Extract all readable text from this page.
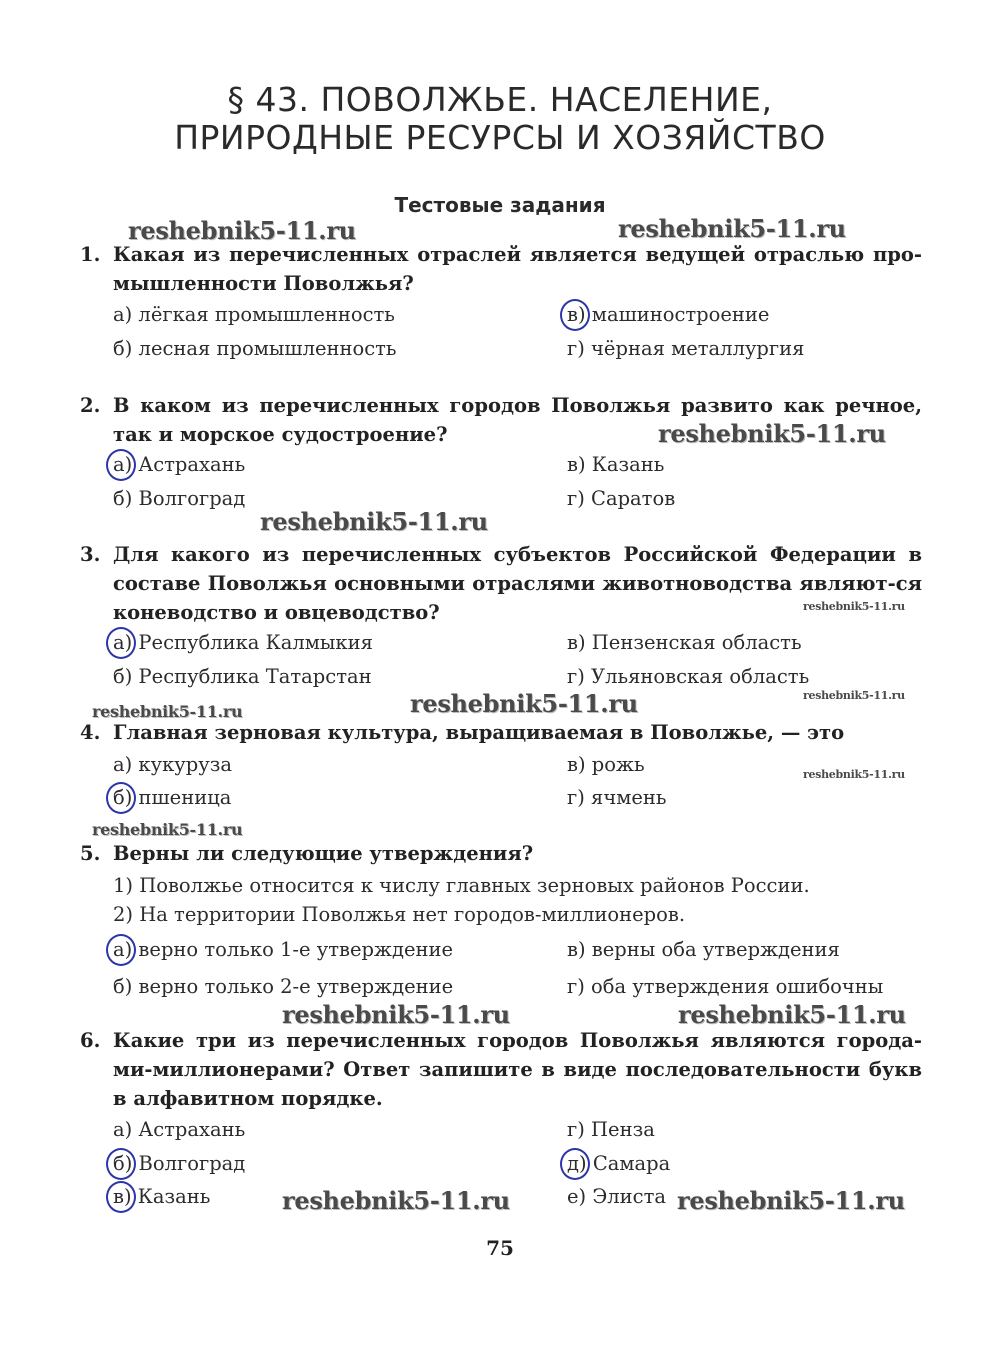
§ 43. ПОВОЛЖЬЕ. НАСЕЛЕНИЕ,
ПРИРОДНЫЕ РЕСУРСЫ И ХОЗЯЙСТВО
Тестовые задания
1. Какая из перечисленных отраслей является ведущей отраслью про-мышленности Поволжья?
а) лёгкая промышленность	в) машиностроение
б) лесная промышленность	г) чёрная металлургия
2. В каком из перечисленных городов Поволжья развито как речное, так и морское судостроение?
а) Астрахань	в) Казань
б) Волгоград	г) Саратов
3. Для какого из перечисленных субъектов Российской Федерации в составе Поволжья основными отраслями животноводства являют-ся коневодство и овцеводство?
а) Республика Калмыкия	в) Пензенская область
б) Республика Татарстан	г) Ульяновская область
4. Главная зерновая культура, выращиваемая в Поволжье, — это
а) кукуруза	в) рожь
б) пшеница	г) ячмень
5. Верны ли следующие утверждения?
1) Поволжье относится к числу главных зерновых районов России.
2) На территории Поволжья нет городов-миллионеров.
а) верно только 1-е утверждение	в) верны оба утверждения
б) верно только 2-е утверждение	г) оба утверждения ошибочны
6. Какие три из перечисленных городов Поволжья являются города-ми-миллионерами? Ответ запишите в виде последовательности букв в алфавитном порядке.
а) Астрахань	г) Пенза
б) Волгоград	д) Самара
в) Казань	е) Элиста
reshebnik5-11.ru	reshebnik5-11.ru
reshebnik5-11.ru
reshebnik5-11.ru
reshebnik5-11.ru
reshebnik5-11.ru
reshebnik5-11.ru
reshebnik5-11.ru
reshebnik5-11.ru
reshebnik5-11.ru
reshebnik5-11.ru	reshebnik5-11.ru
reshebnik5-11.ru	reshebnik5-11.ru
75
